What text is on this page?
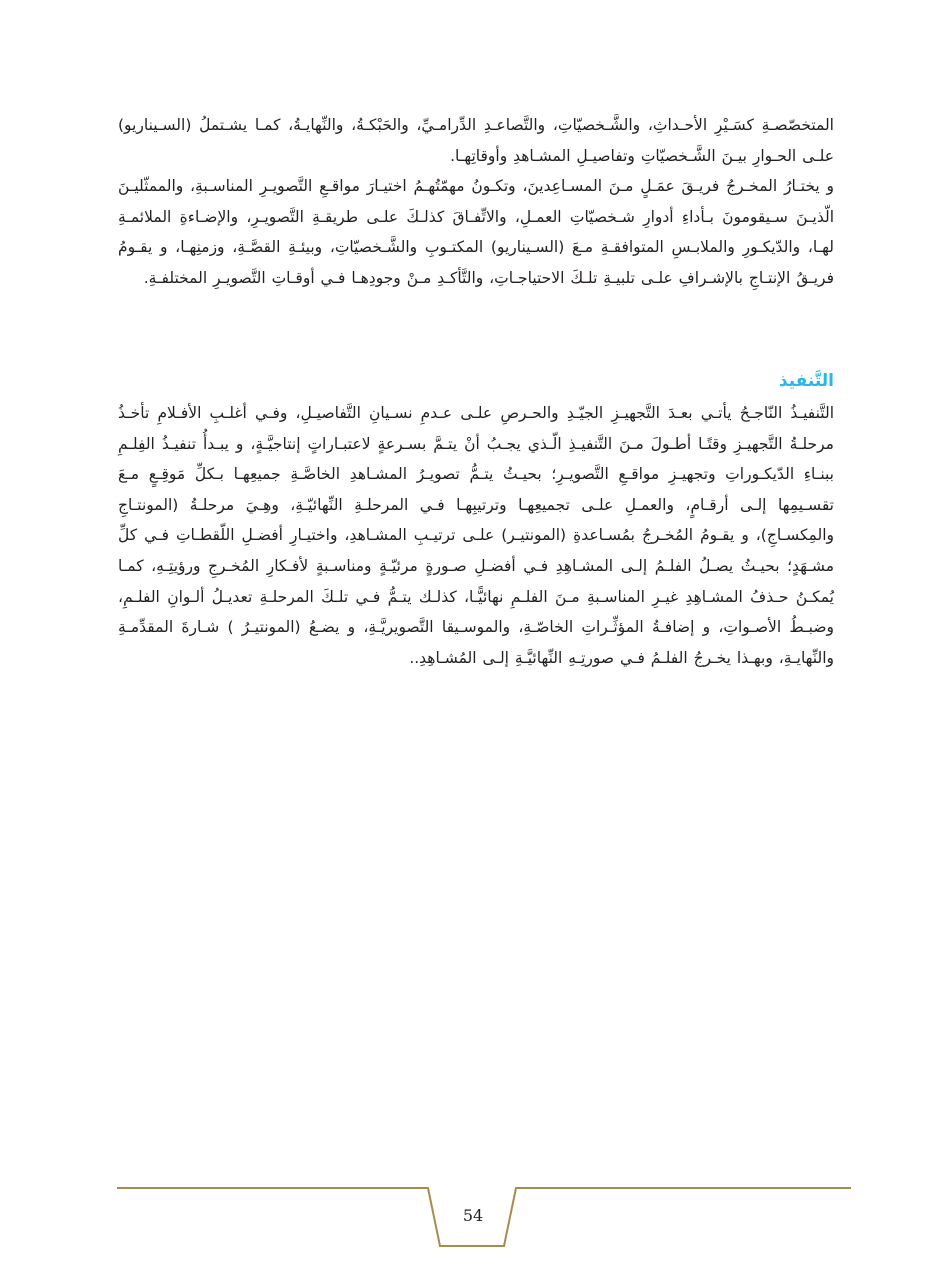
المتخصّصـةِ كسَـيْرِ الأحـداثِ، والشَّـخصيّاتِ، والتَّصاعـدِ الدِّرامـيِّ، والحَبْكـةُ، والنِّهايـةُ، كمـا يشـتملُ (السـيناريو) علـى الحـوارِ بيـنَ الشَّـخصيّاتِ وتفاصيـلِ المشـاهدِ وأوقاتِهـا.

و يختـارُ المخـرجُ فريـقَ عمَـلٍ مـنَ المسـاعِدينَ، وتكـونُ مهمّتُهـمُ اختيـارَ مواقـعِ التَّصويـرِ المناسـبةِ، والممثّليـنَ الّذيـنَ سـيقومونَ بـأداءِ أدوارِ شـخصيّاتِ العمـلِ، والاتِّفـاقَ كذلـكَ علـى طريقـةِ التَّصويـرِ، والإضـاءةِ الملائمـةِ لهـا، والدّيكـورِ والملابـسِ المتوافقـةِ مـعَ (السـيناريو) المكتـوبِ والشَّـخصيّاتِ، وبيئـةِ القصَّـةِ، وزمنِهـا، و يقـومُ فريـقُ الإنتـاجِ بالإشـرافِ علـى تلبيـةِ تلـكَ الاحتياجـاتِ، والتَّأكـدِ مـنْ وجودِهـا فـي أوقـاتِ التَّصويـرِ المختلفـةِ.

التَّنفيذ

التَّنفيـذُ النّاجـحُ يأتـي بعـدَ التَّجهيـزِ الجيّـدِ والحـرصِ علـى عـدمِ نسـيانِ التَّفاصيـلِ، وفـي أغلـبِ الأفـلامِ تأخـذُ مرحلـةُ التَّجهيـزِ وقتًـا أطـولَ مـنَ التَّنفيـذِ الّـذي يجـبُ أنْ يتـمَّ بسـرعةٍ لاعتبـاراتٍ إنتاجيَّـةٍ، و يبـدأُ تنفيـذُ الفِلـمِ ببنـاءِ الدّيكـوراتِ وتجهيـزِ مواقـعِ التَّصويـرِ؛ بحيـثُ يتـمُّ تصويـرُ المشـاهدِ الخاصَّـةِ جميعِهـا بـكلِّ مَوقِـعٍ مـعَ تقسـيمِها إلـى أرقـامٍ، والعمـلِ علـى تجميعِهـا وترتيبِهـا فـي المرحلـةِ النِّهائيّـةِ، وهِـيَ مرحلـةُ (المونتـاجِ والمِكسـاجِ)، و يقـومُ المُخـرجُ بمُسـاعدةِ (المونتيـر) علـى ترتيـبِ المشـاهدِ، واختيـارِ أفضـلِ اللّقطـاتِ فـي كلِّ مشـهَدٍ؛ بحيـثُ يصـلُ الفلـمُ إلـى المشـاهِدِ فـي أفضـلِ صـورةٍ مرئيّـةٍ ومناسـبةٍ لأفـكارِ المُخـرجِ ورؤيتِـهِ، كمـا يُمكـنُ حـذفُ المشـاهِدِ غيـرِ المناسـبةِ مـنَ الفلـمِ نهائيًّـا، كذلـك يتـمُّ فـي تلـكَ المرحلـةِ تعديـلُ ألـوانِ الفلـمِ، وضبـطُ الأصـواتِ، و إضافـةُ المؤثِّـراتِ الخاصّـةِ، والموسـيقا التَّصويريَّـةِ، و يضـعُ (المونتيـرُ ) شـارةَ المقدِّمـةِ والنِّهايـةِ، وبهـذا يخـرجُ الفلـمُ فـي صورتِـهِ النِّهائيَّـةِ إلـى المُشـاهِدِ..

54
